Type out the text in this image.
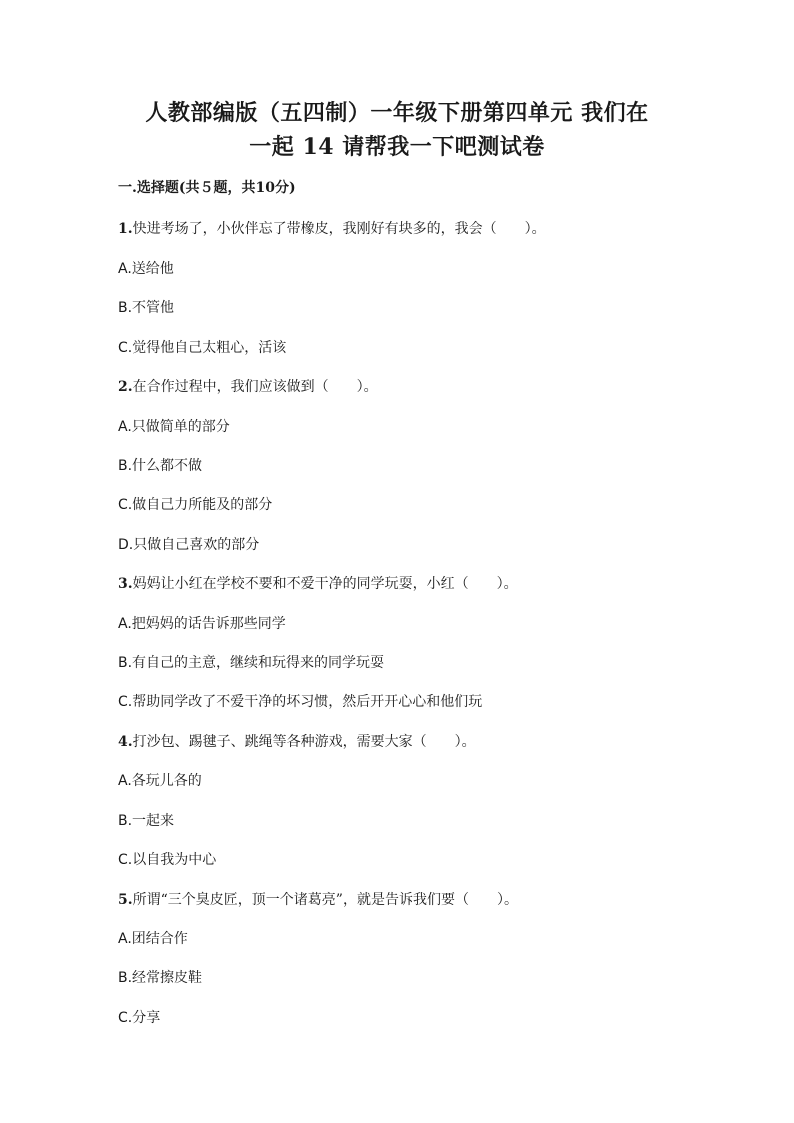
人教部编版（五四制）一年级下册第四单元 我们在
一起 14 请帮我一下吧测试卷
一.选择题(共５题，共10分)
1.快进考场了，小伙伴忘了带橡皮，我刚好有块多的，我会（　　）。
A.送给他
B.不管他
C.觉得他自己太粗心，活该
2.在合作过程中，我们应该做到（　　）。
A.只做简单的部分
B.什么都不做
C.做自己力所能及的部分
D.只做自己喜欢的部分
3.妈妈让小红在学校不要和不爱干净的同学玩耍，小红（　　）。
A.把妈妈的话告诉那些同学
B.有自己的主意，继续和玩得来的同学玩耍
C.帮助同学改了不爱干净的坏习惯，然后开开心心和他们玩
4.打沙包、踢毽子、跳绳等各种游戏，需要大家（　　）。
A.各玩儿各的
B.一起来
C.以自我为中心
5.所谓“三个臭皮匠，顶一个诸葛亮”，就是告诉我们要（　　）。
A.团结合作
B.经常擦皮鞋
C.分享
